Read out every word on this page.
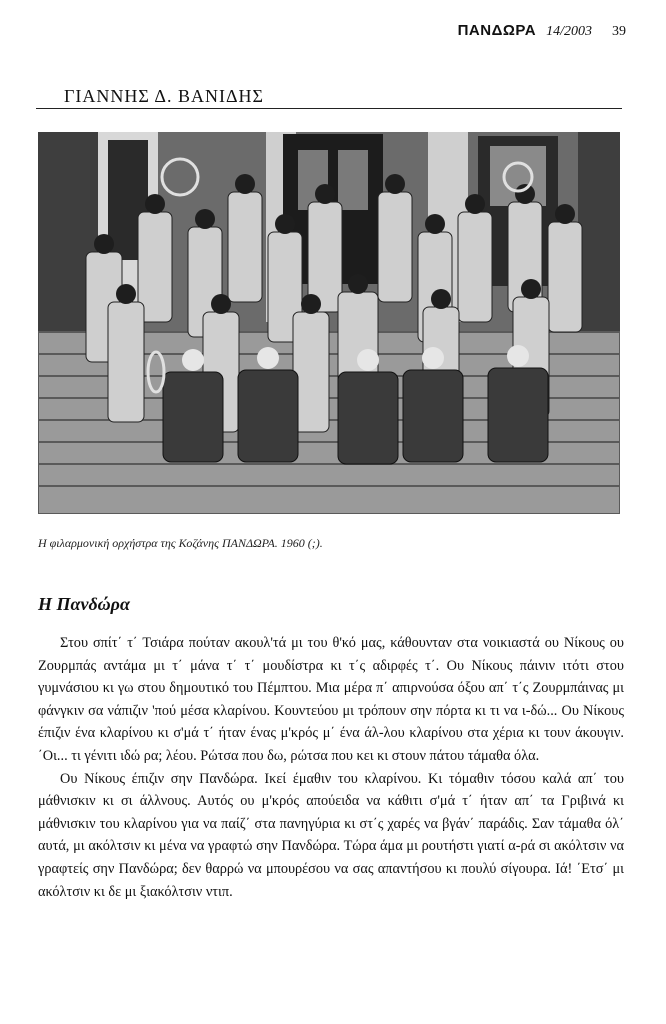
ΠΑΝΔΩΡΑ 14/2003 39
ΓΙΑΝΝΗΣ Δ. ΒΑΝΙΔΗΣ
Η φιλαρμονική ορχήστρα της Κοζάνης ΠΑΝΔΩΡΑ. 1960 (;).
Η Πανδώρα

Στου σπίτ΄ τ΄ Τσιάρα πούταν ακουλ'τά μι του θ'κό μας, κάθουνταν στα νοικιαστά ου Νίκους ου Ζουρμπάς αντάμα μι τ΄ μάνα τ΄ τ΄ μουδίστρα κι τ΄ς αδιρφές τ΄. Ου Νίκους πάινιν ιτότι στου γυμνάσιου κι γω στου δημουτικό του Πέμπτου. Μια μέρα π΄ απιρνούσα όξου απ΄ τ΄ς Ζουρμπάινας μι φάνγκιν σα νάπιζιν 'πού μέσα κλαρίνου. Κουντεύου μι τρόπουν σην πόρτα κι τι να ι-δώ... Ου Νίκους έπιζιν ένα κλαρίνου κι σ'μά τ΄ ήταν ένας μ'κρός μ΄ ένα άλ-λου κλαρίνου στα χέρια κι τουν άκουγιν. ΄Οι... τι γένιτι ιδώ ρα; λέου. Ρώτσα που δω, ρώτσα που κει κι στουν πάτου τάμαθα όλα.

Ου Νίκους έπιζιν σην Πανδώρα. Ικεί έμαθιν του κλαρίνου. Κι τόμαθιν τόσου καλά απ΄ του μάθνισκιν κι σι άλλνους. Αυτός ου μ'κρός απούειδα να κάθιτι σ'μά τ΄ ήταν απ΄ τα Γριβινά κι μάθνισκιν του κλαρίνου για να παίζ΄ στα πανηγύρια κι στ΄ς χαρές να βγάν΄ παράδις. Σαν τάμαθα όλ΄ αυτά, μι ακόλτσιν κι μένα να γραφτώ σην Πανδώρα. Τώρα άμα μι ρουτήστι γιατί α-ρά σι ακόλτσιν να γραφτείς σην Πανδώρα; δεν θαρρώ να μπουρέσου να σας απαντήσου κι πουλύ σίγουρα. Ιά! ΄Ετσ΄ μι ακόλτσιν κι δε μι ξιακόλτσιν ντιπ.
